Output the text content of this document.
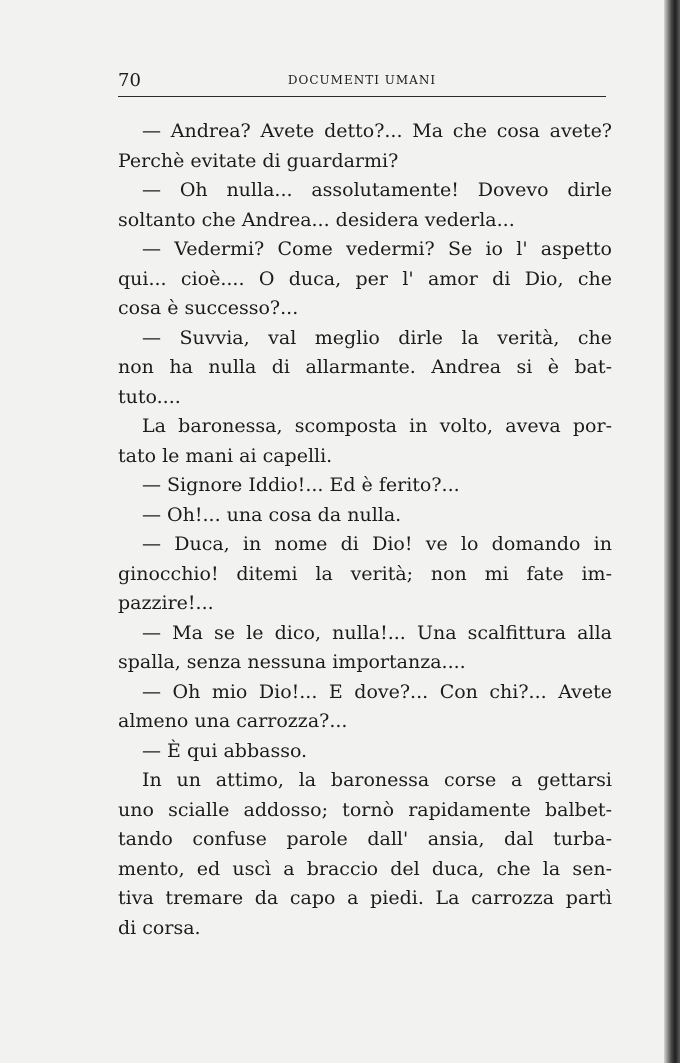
70	DOCUMENTI UMANI
— Andrea? Avete detto?... Ma che cosa avete?
Perchè evitate di guardarmi?
— Oh nulla... assolutamente! Dovevo dirle
soltanto che Andrea... desidera vederla...
— Vedermi? Come vedermi? Se io l' aspetto
qui... cioè.... O duca, per l' amor di Dio, che
cosa è successo?...
— Suvvia, val meglio dirle la verità, che
non ha nulla di allarmante. Andrea si è bat-
tuto....
La baronessa, scomposta in volto, aveva por-
tato le mani ai capelli.
— Signore Iddio!... Ed è ferito?...
— Oh!... una cosa da nulla.
— Duca, in nome di Dio! ve lo domando in
ginocchio! ditemi la verità; non mi fate im-
pazzire!...
— Ma se le dico, nulla!... Una scalfittura alla
spalla, senza nessuna importanza....
— Oh mio Dio!... E dove?... Con chi?... Avete
almeno una carrozza?...
— È qui abbasso.
In un attimo, la baronessa corse a gettarsi
uno scialle addosso; tornò rapidamente balbet-
tando confuse parole dall' ansia, dal turba-
mento, ed uscì a braccio del duca, che la sen-
tiva tremare da capo a piedi. La carrozza partì
di corsa.
